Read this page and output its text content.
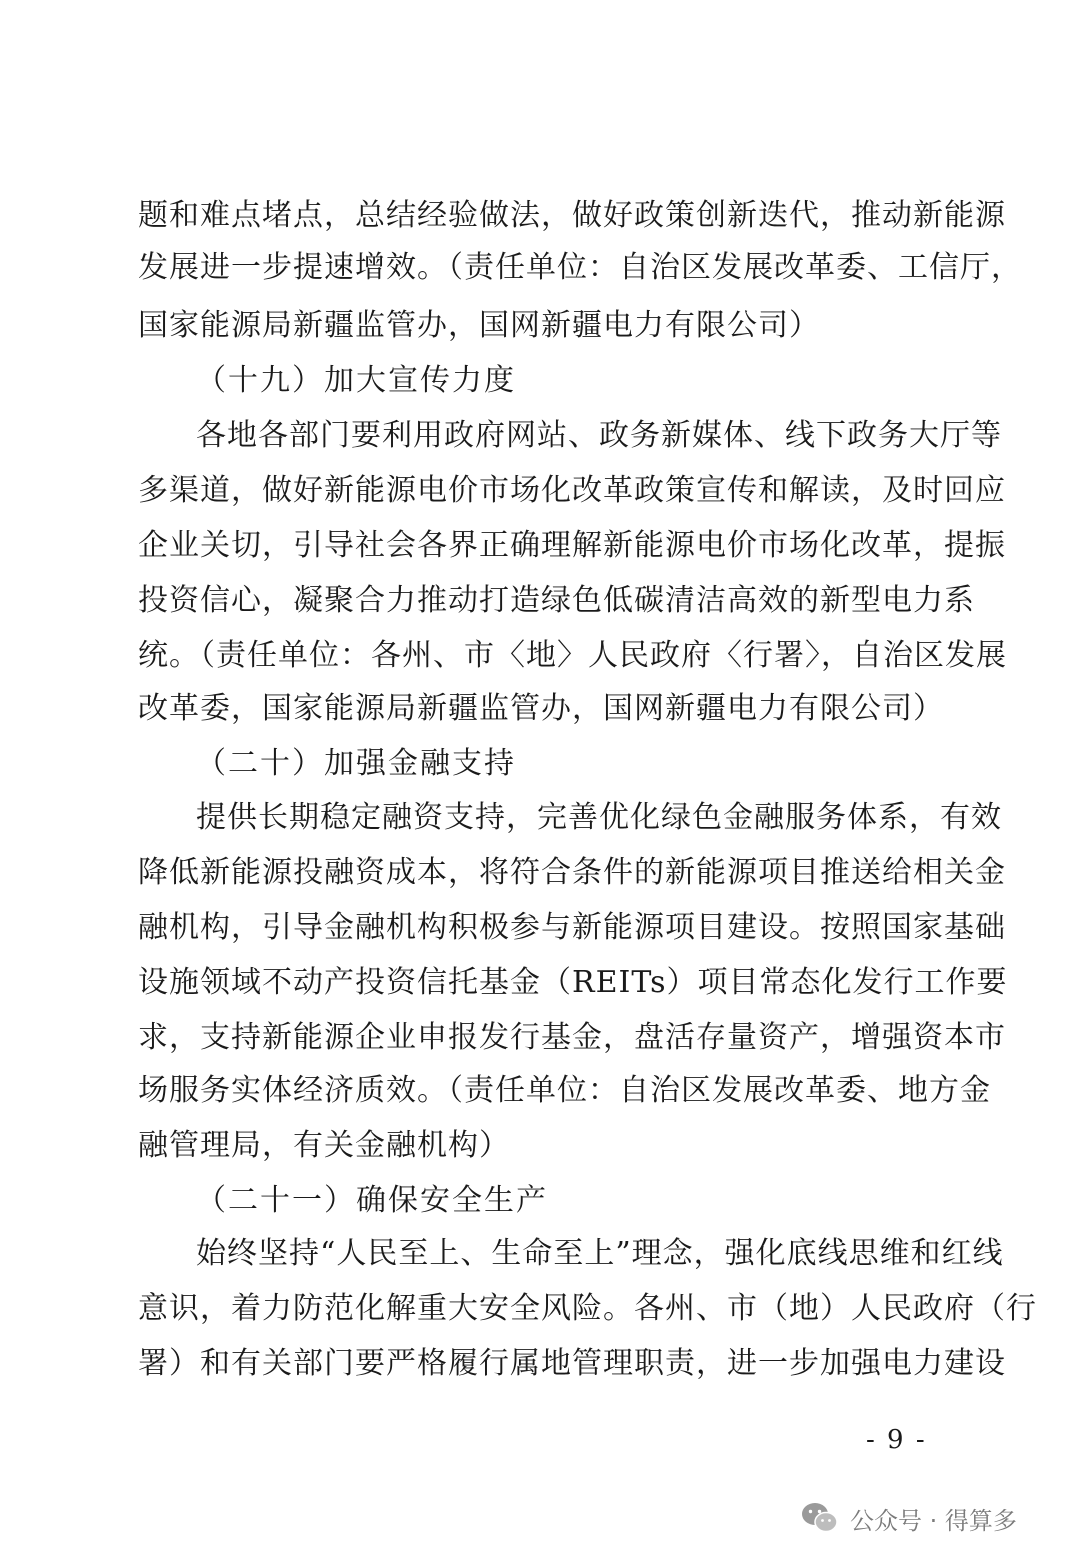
题和难点堵点，总结经验做法，做好政策创新迭代，推动新能源
发展进一步提速增效。（责任单位：自治区发展改革委、工信厅，
国家能源局新疆监管办，国网新疆电力有限公司）
（十九）加大宣传力度
各地各部门要利用政府网站、政务新媒体、线下政务大厅等
多渠道，做好新能源电价市场化改革政策宣传和解读，及时回应
企业关切，引导社会各界正确理解新能源电价市场化改革，提振
投资信心，凝聚合力推动打造绿色低碳清洁高效的新型电力系
统。（责任单位：各州、市〈地〉人民政府〈行署〉，自治区发展
改革委，国家能源局新疆监管办，国网新疆电力有限公司）
（二十）加强金融支持
提供长期稳定融资支持，完善优化绿色金融服务体系，有效
降低新能源投融资成本，将符合条件的新能源项目推送给相关金
融机构，引导金融机构积极参与新能源项目建设。按照国家基础
设施领域不动产投资信托基金（REITs）项目常态化发行工作要
求，支持新能源企业申报发行基金，盘活存量资产，增强资本市
场服务实体经济质效。（责任单位：自治区发展改革委、地方金
融管理局，有关金融机构）
（二十一）确保安全生产
始终坚持“人民至上、生命至上”理念，强化底线思维和红线
意识，着力防范化解重大安全风险。各州、市（地）人民政府（行
署）和有关部门要严格履行属地管理职责，进一步加强电力建设
- 9 -
公众号 · 得算多
